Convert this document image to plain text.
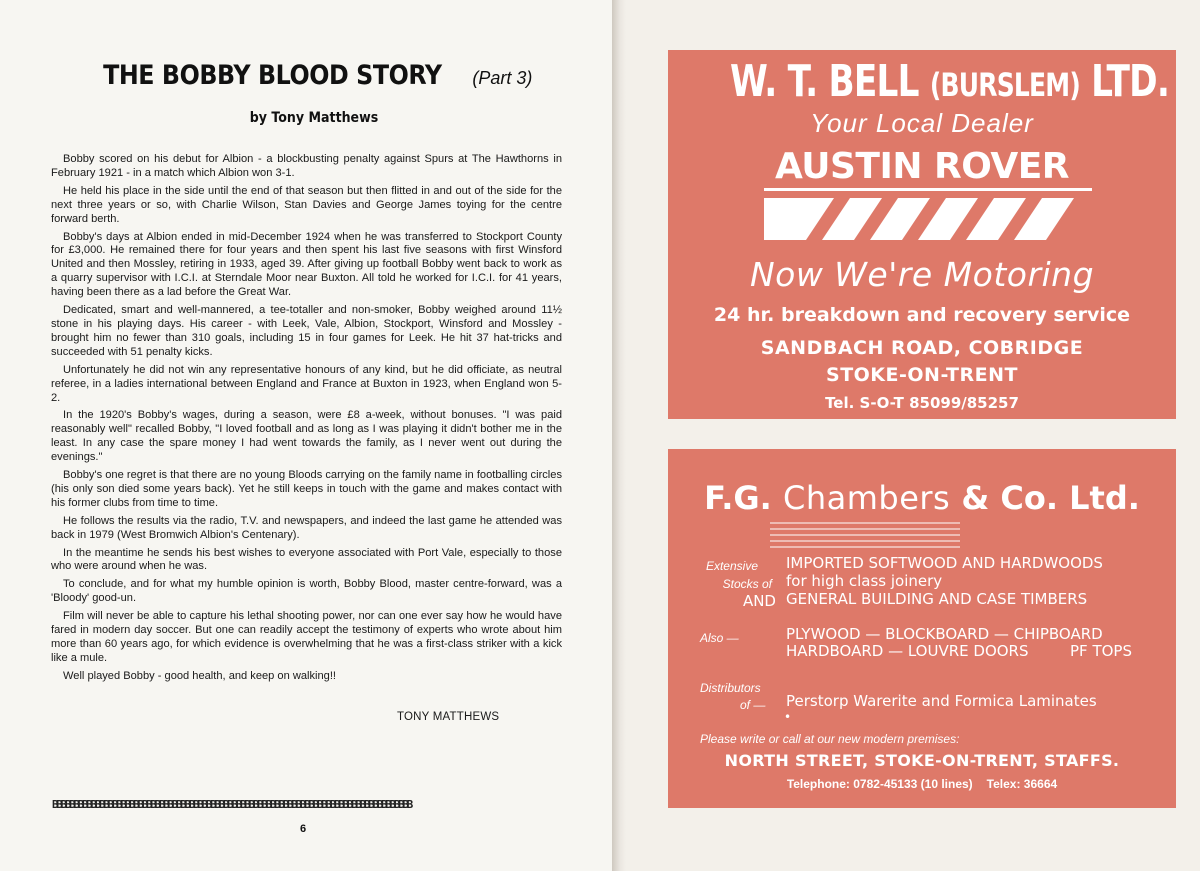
THE BOBBY BLOOD STORY (Part 3)
by Tony Matthews

Bobby scored on his debut for Albion - a blockbusting penalty against Spurs at The Hawthorns in February 1921 - in a match which Albion won 3-1.

He held his place in the side until the end of that season but then flitted in and out of the side for the next three years or so, with Charlie Wilson, Stan Davies and George James toying for the centre forward berth.

Bobby's days at Albion ended in mid-December 1924 when he was transferred to Stockport County for £3,000. He remained there for four years and then spent his last five seasons with first Winsford United and then Mossley, retiring in 1933, aged 39. After giving up football Bobby went back to work as a quarry supervisor with I.C.I. at Sterndale Moor near Buxton. All told he worked for I.C.I. for 41 years, having been there as a lad before the Great War.

Dedicated, smart and well-mannered, a tee-totaller and non-smoker, Bobby weighed around 11½ stone in his playing days. His career - with Leek, Vale, Albion, Stockport, Winsford and Mossley - brought him no fewer than 310 goals, including 15 in four games for Leek. He hit 37 hat-tricks and succeeded with 51 penalty kicks.

Unfortunately he did not win any representative honours of any kind, but he did officiate, as neutral referee, in a ladies international between England and France at Buxton in 1923, when England won 5-2.

In the 1920's Bobby's wages, during a season, were £8 a-week, without bonuses. "I was paid reasonably well" recalled Bobby, "I loved football and as long as I was playing it didn't bother me in the least. In any case the spare money I had went towards the family, as I never went out during the evenings."

Bobby's one regret is that there are no young Bloods carrying on the family name in footballing circles (his only son died some years back). Yet he still keeps in touch with the game and makes contact with his former clubs from time to time.

He follows the results via the radio, T.V. and newspapers, and indeed the last game he attended was back in 1979 (West Bromwich Albion's Centenary).

In the meantime he sends his best wishes to everyone associated with Port Vale, especially to those who were around when he was.

To conclude, and for what my humble opinion is worth, Bobby Blood, master centre-forward, was a 'Bloody' good-un.

Film will never be able to capture his lethal shooting power, nor can one ever say how he would have fared in modern day soccer. But one can readily accept the testimony of experts who wrote about him more than 60 years ago, for which evidence is overwhelming that he was a first-class striker with a kick like a mule.

Well played Bobby - good health, and keep on walking!!

TONY MATTHEWS
BBBBBBBBBBBBBBBBBBBBBBBBBBBBBBBBBBBBBBBBBBBBBBBBBBBBBBBBBBBBBBBBBBBBBBBBBBBBBBBBBBBB
6
W. T. BELL (BURSLEM) LTD.
Your Local Dealer
AUSTIN ROVER
Now We're Motoring
24 hr. breakdown and recovery service
SANDBACH ROAD, COBRIDGE
STOKE-ON-TRENT
Tel. S-O-T 85099/85257
F.G. Chambers & Co. Ltd.
Extensive
Stocks of
AND
IMPORTED SOFTWOOD AND HARDWOODS
for high class joinery
GENERAL BUILDING AND CASE TIMBERS
Also —	PLYWOOD — BLOCKBOARD — CHIPBOARD
HARDBOARD — LOUVRE DOORS	PF TOPS
Distributors
of — Perstorp Warerite and Formica Laminates
•
Please write or call at our new modern premises:
NORTH STREET, STOKE-ON-TRENT, STAFFS.
Telephone: 0782-45133 (10 lines) Telex: 36664
